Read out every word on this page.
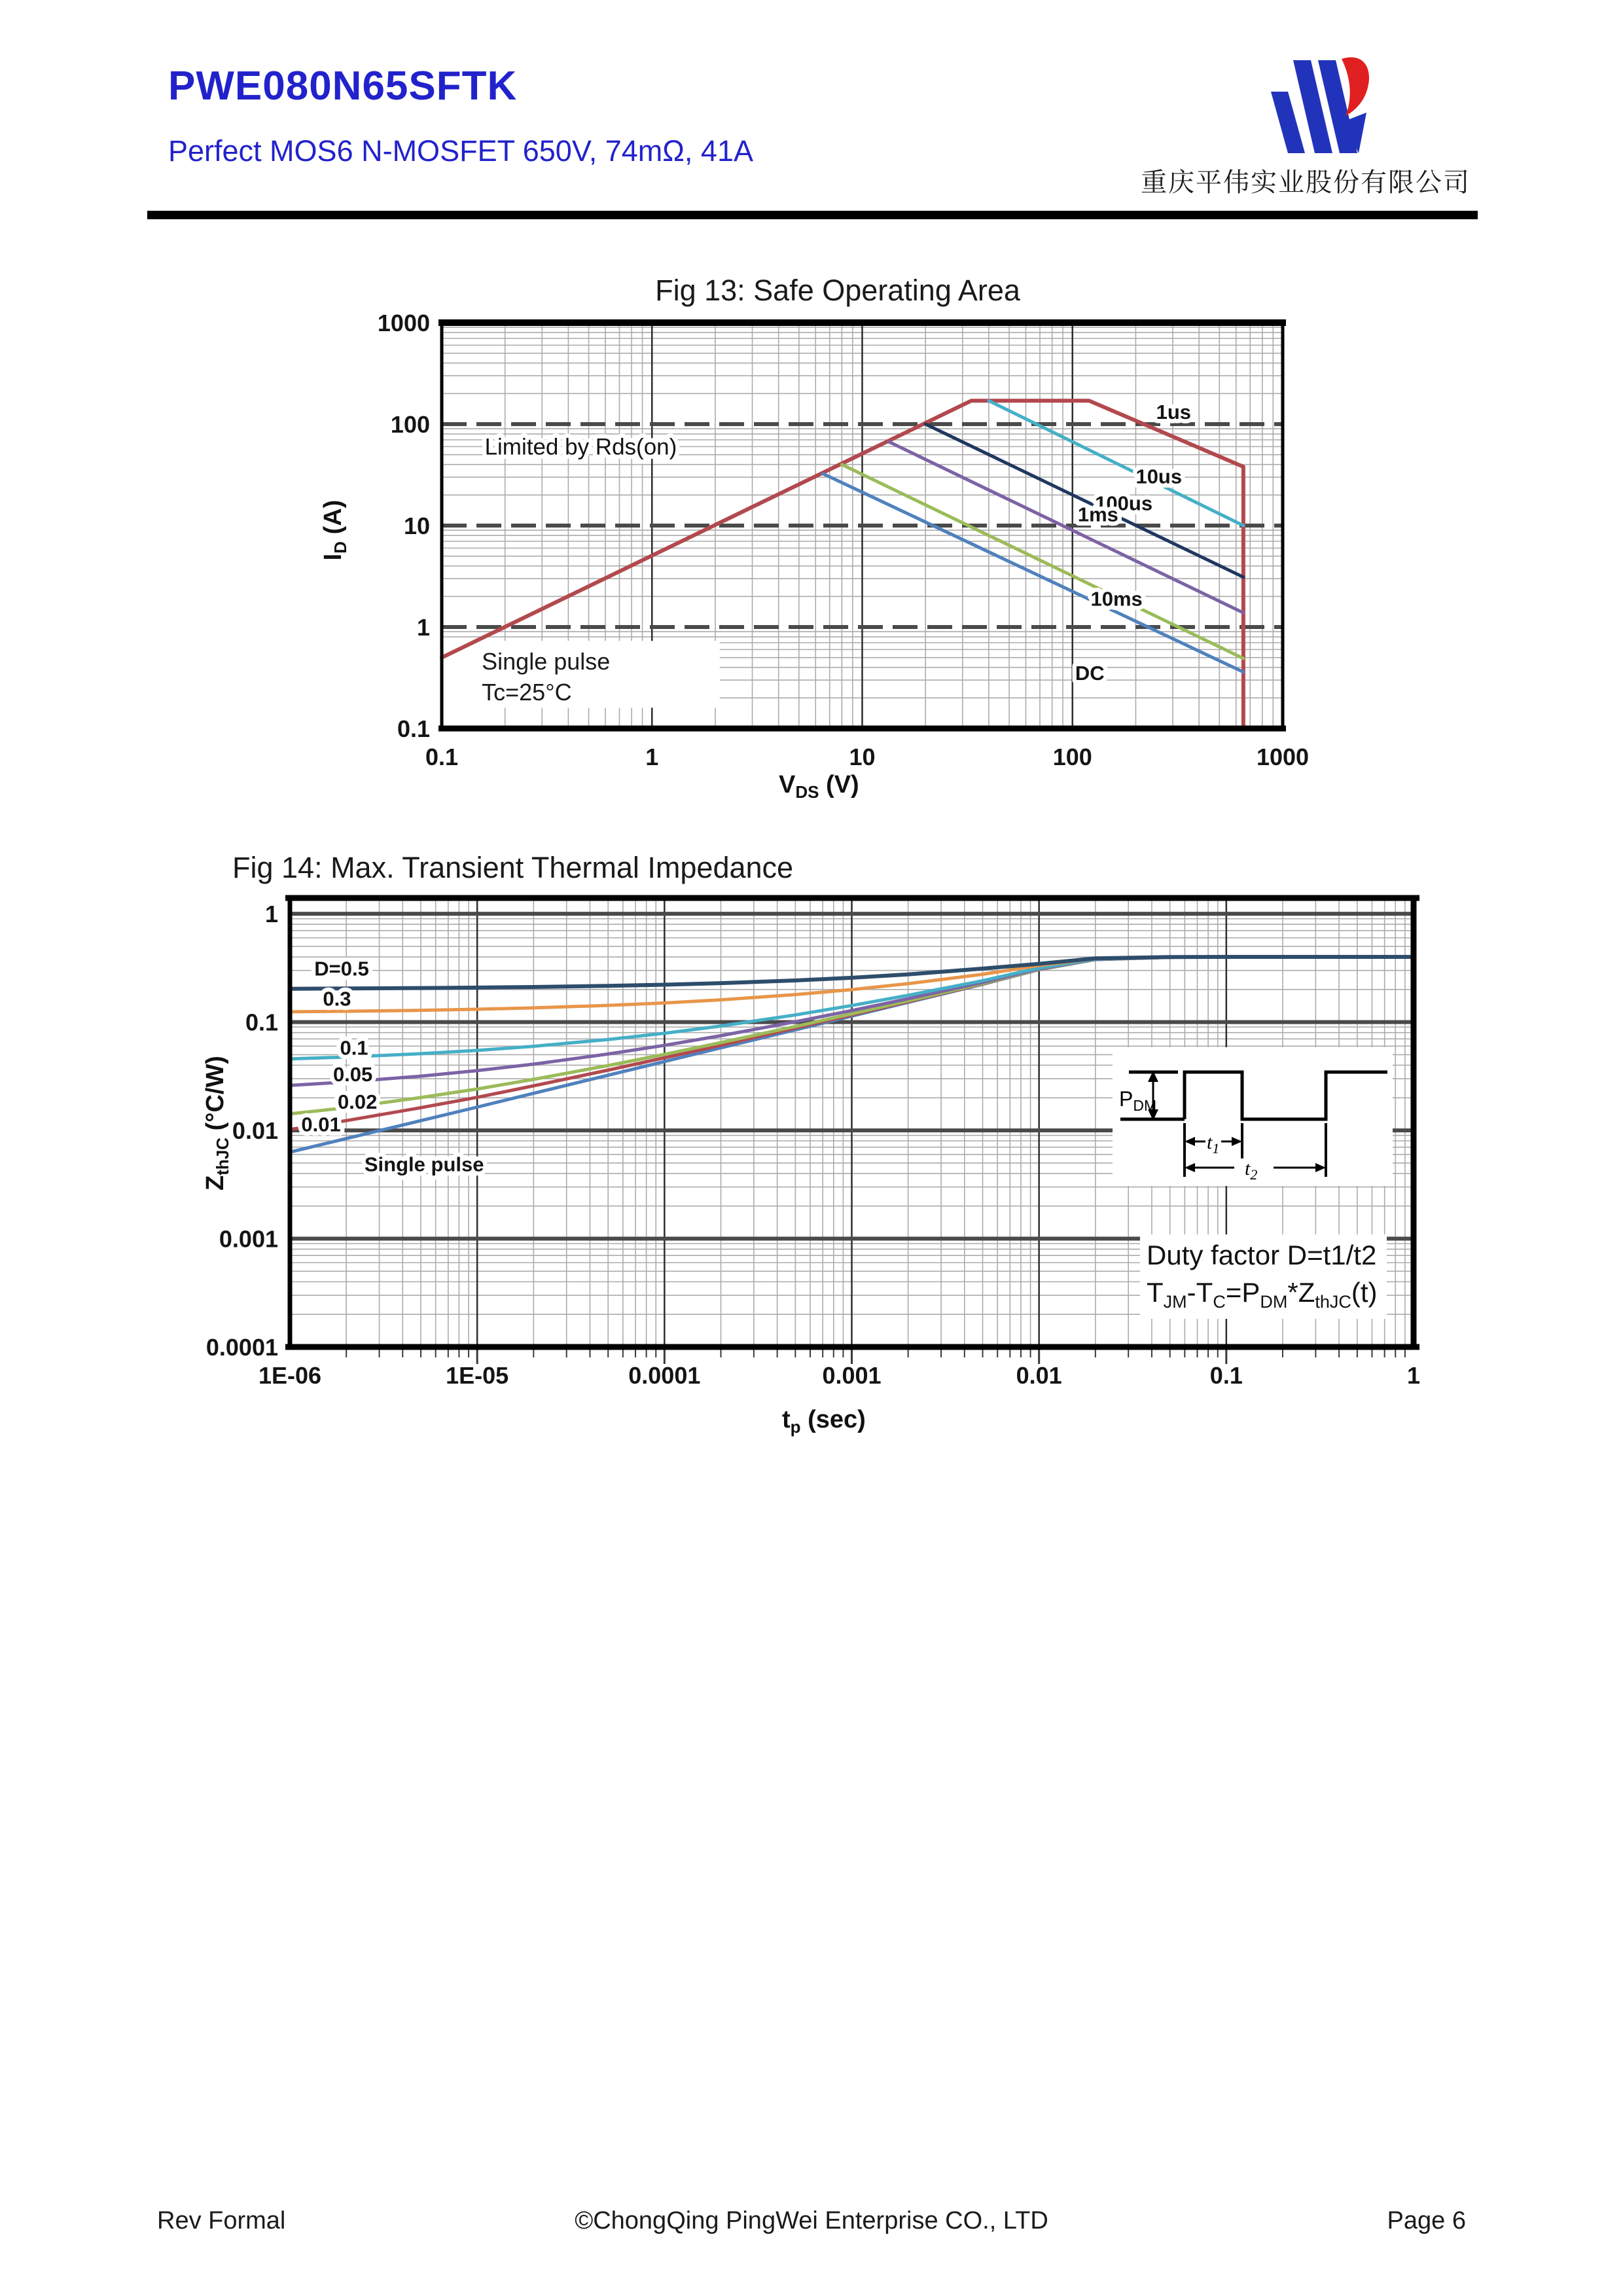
PWE080N65SFTK
Perfect MOS6 N-MOSFET 650V, 74mΩ, 41A
重庆平伟实业股份有限公司
Fig 13: Safe Operating Area
Single pulse
Tc=25°C
1us
10us
100us
1ms
10ms
DC
Limited by Rds(on)
0.1	1	10	100	1000
1000
100
10
1
0.1
$V_{DS}$ (V)
$I_D$ (A)
Fig 14: Max. Transient Thermal Impedance
D=0.5
0.3
0.1
0.05
0.02
0.01
Single pulse
1E-06	1E-05	0.0001	0.001	0.01	0.1	1
1
0.1
0.01
0.001
0.0001
$P_{DM}$
$t_1$
$t_2$
$t_p$ (sec)
$Z_{thJC}$ (°C/W)
Duty factor D=t1/t2
$T_{JM}-T_C=P_{DM}*Z_{thJC}(t)$
Rev Formal	©ChongQing PingWei Enterprise CO., LTD	Page 6
